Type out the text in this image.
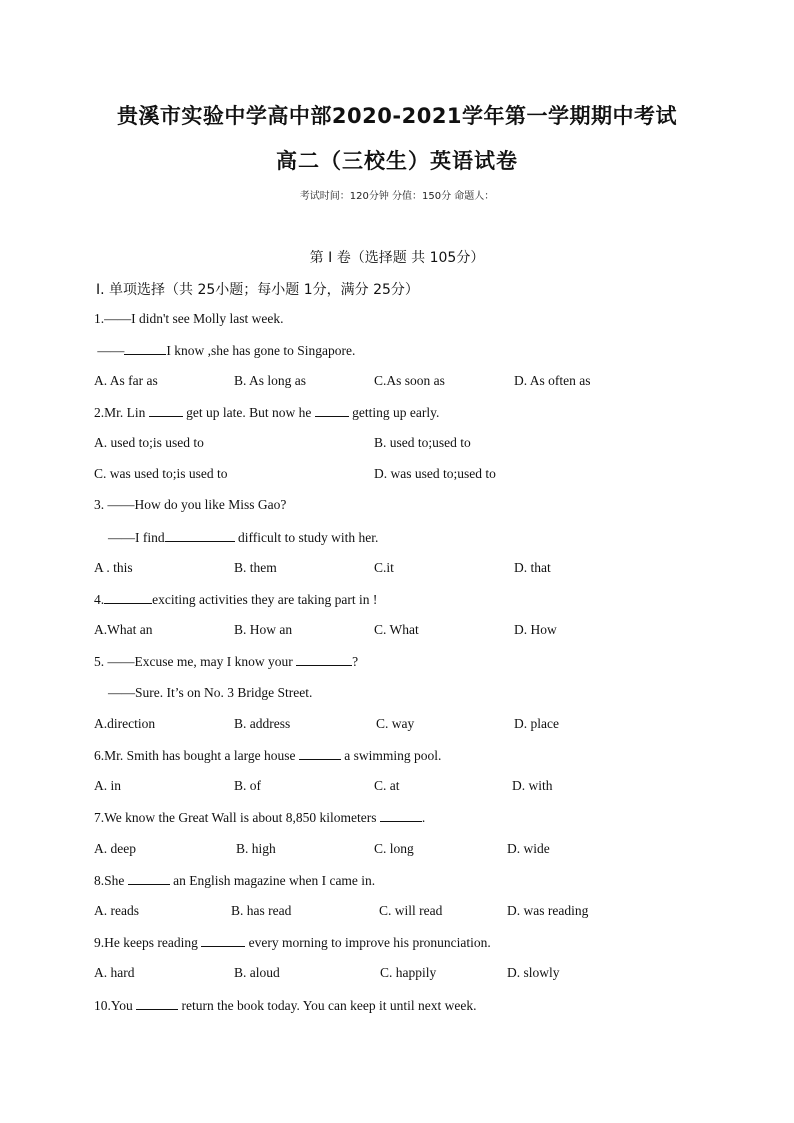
贵溪市实验中学高中部2020-2021学年第一学期期中考试
高二（三校生）英语试卷
考试时间：120分钟 分值：150分 命题人：
第 I 卷（选择题 共 105分）
Ⅰ. 单项选择（共 25小题；每小题 1分，满分 25分）
1.——I didn't see Molly last week.
——	I know ,she has gone to Singapore.
A. As far as	B. As long as	C.As soon as	D. As often as
2.Mr. Lin	get up late. But now he	getting up early.
A. used to;is used to	B. used to;used to
C. was used to;is used to	D. was used to;used to
3. ——How do you like Miss Gao?
——I find	difficult to study with her.
A . this	B. them	C.it	D. that
4.	exciting activities they are taking part in !
A.What an	B. How an	C. What	D. How
5. ——Excuse me, may I know your	?
——Sure. It’s on No. 3 Bridge Street.
A.direction	B. address	C. way	D. place
6.Mr. Smith has bought a large house	a swimming pool.
A. in	B. of	C. at	D. with
7.We know the Great Wall is about 8,850 kilometers	.
A. deep	B. high	C. long	D. wide
8.She	an English magazine when I came in.
A. reads	B. has read	C. will read	D. was reading
9.He keeps reading	every morning to improve his pronunciation.
A. hard	B. aloud	C. happily	D. slowly
10.You	return the book today. You can keep it until next week.
